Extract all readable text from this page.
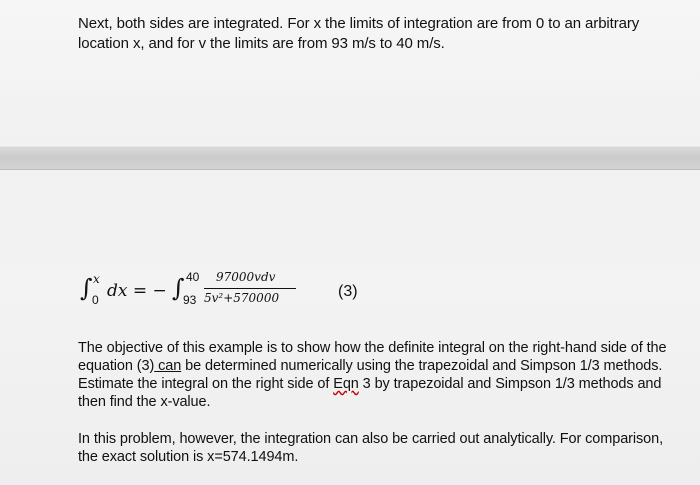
Next, both sides are integrated. For x the limits of integration are from 0 to an arbitrary location x, and for v the limits are from 93 m/s to 40 m/s.
∫ 0
x
dx = − ∫
93
40 97000vdv
5v²+570000	(3)
The objective of this example is to show how the definite integral on the right-hand side of the equation (3) can be determined numerically using the trapezoidal and Simpson 1/3 methods. Estimate the integral on the right side of Eqn 3 by trapezoidal and Simpson 1/3 methods and then find the x-value.
In this problem, however, the integration can also be carried out analytically. For comparison, the exact solution is x=574.1494m.
